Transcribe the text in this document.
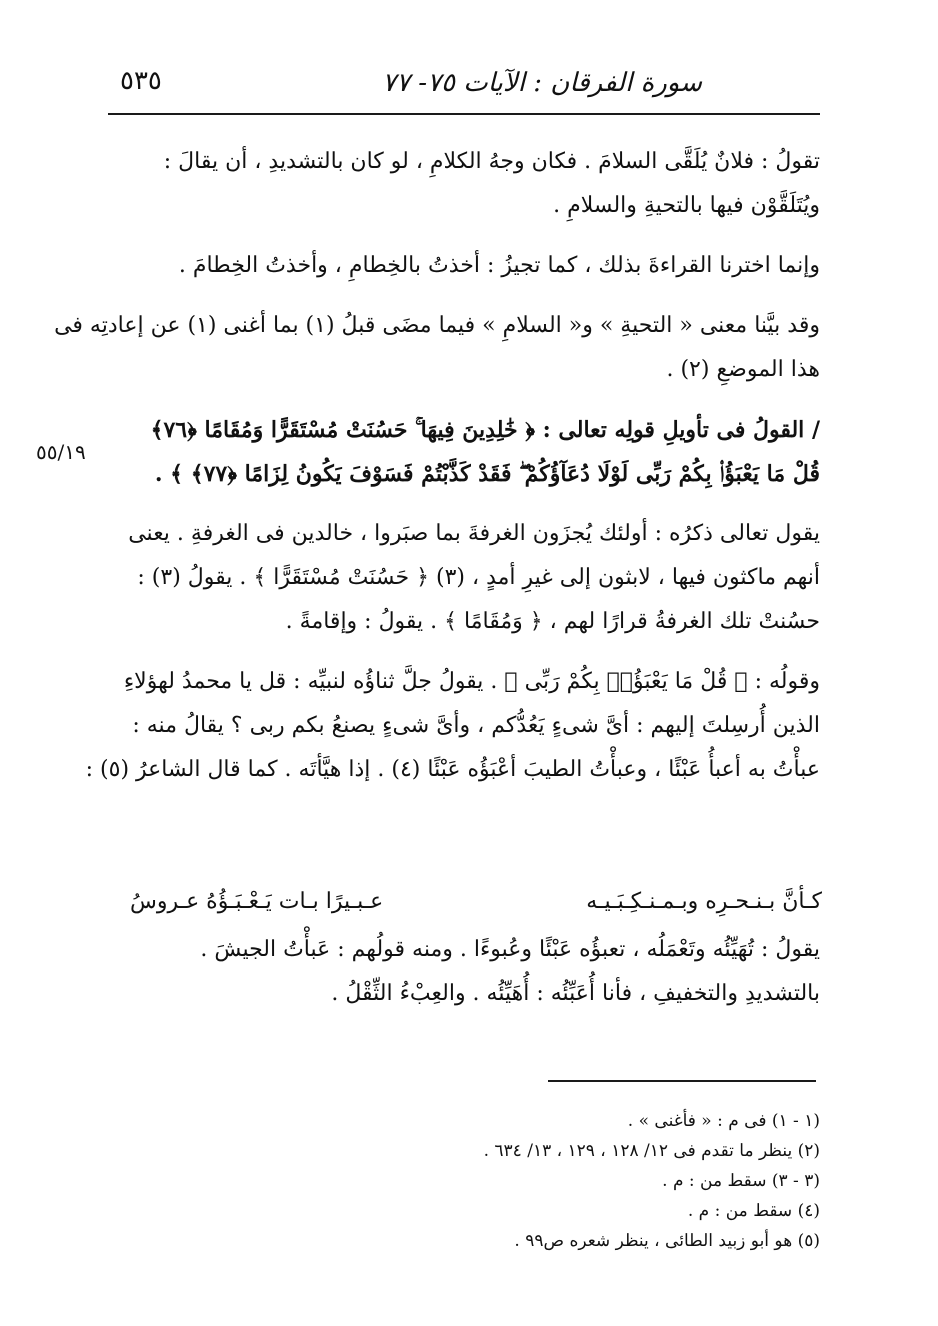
سورة الفرقان : الآيات ٧٥- ٧٧
٥٣٥
تقولُ : فلانٌ يُلَقَّى السلامَ . فكان وجهُ الكلامِ ، لو كان بالتشديدِ ، أن يقالَ :
ويُتَلَقَّوْن فيها بالتحيةِ والسلامِ .
وإنما اخترنا القراءةَ بذلك ، كما تجيزُ : أخذتُ بالخِطامِ ، وأخذتُ الخِطامَ .
وقد بيَّنا معنى « التحيةِ » و« السلامِ » فيما مضَى قبلُ (١) بما أغنى (١) عن إعادتِه فى
هذا الموضعِ (٢) .
/ القولُ فى تأويلِ قولِه تعالى : ﴿ خَٰلِدِينَ فِيهَا ۚ حَسُنَتْ مُسْتَقَرًّا وَمُقَامًا ﴿٧٦﴾
قُلْ مَا يَعْبَؤُا۟ بِكُمْ رَبِّى لَوْلَا دُعَآؤُكُمْ ۖ فَقَدْ كَذَّبْتُمْ فَسَوْفَ يَكُونُ لِزَامًا ﴿٧٧﴾ ﴾ .
يقول تعالى ذكرُه : أولئك يُجزَون الغرفةَ بما صبَروا ، خالدين فى الغرفةِ . يعنى
أنهم ماكثون فيها ، لابثون إلى غيرِ أمدٍ ، (٣) ﴿ حَسُنَتْ مُسْتَقَرًّا ﴾ . يقولُ (٣) :
حسُنتْ تلك الغرفةُ قرارًا لهم ، ﴿ وَمُقَامًا ﴾ . يقولُ : وإقامةً .
وقولُه : ﴿ قُلْ مَا يَعْبَؤُا۟ بِكُمْ رَبِّى ﴾ . يقولُ جلَّ ثناؤُه لنبيِّه : قل يا محمدُ لهؤلاءِ
الذين أُرسِلتَ إليهم : أىَّ شىءٍ يَعُدُّكم ، وأىَّ شىءٍ يصنعُ بكم ربى ؟ يقالُ منه :
عبأْتُ به أعبأُ عَبْئًا ، وعبأْتُ الطيبَ أعْبَؤُه عَبْئًا (٤) . إذا هيَّأتَه . كما قال الشاعرُ (٥) :
٥٥/١٩
كـأنَّ بـنـحـرِه وبـمـنـكِـبَـيـه
عـبـيرًا بـات يَـعْـبَـؤُهُ عـروسُ
يقولُ : تُهَيِّئُه وتَعْمَلُه ، تعبؤُه عَبْئًا وعُبوءًا . ومنه قولُهم : عَبأْتُ الجيشَ .
بالتشديدِ والتخفيفِ ، فأنا أُعَبِّئُه : أُهَيِّئُه . والعِبْءُ الثِّقْلُ .
(١ - ١) فى م : « فأغنى » .
(٢) ينظر ما تقدم فى ١٢/ ١٢٨ ، ١٢٩ ، ١٣/ ٦٣٤ .
(٣ - ٣) سقط من : م .
(٤) سقط من : م .
(٥) هو أبو زبيد الطائى ، ينظر شعره ص٩٩ .
